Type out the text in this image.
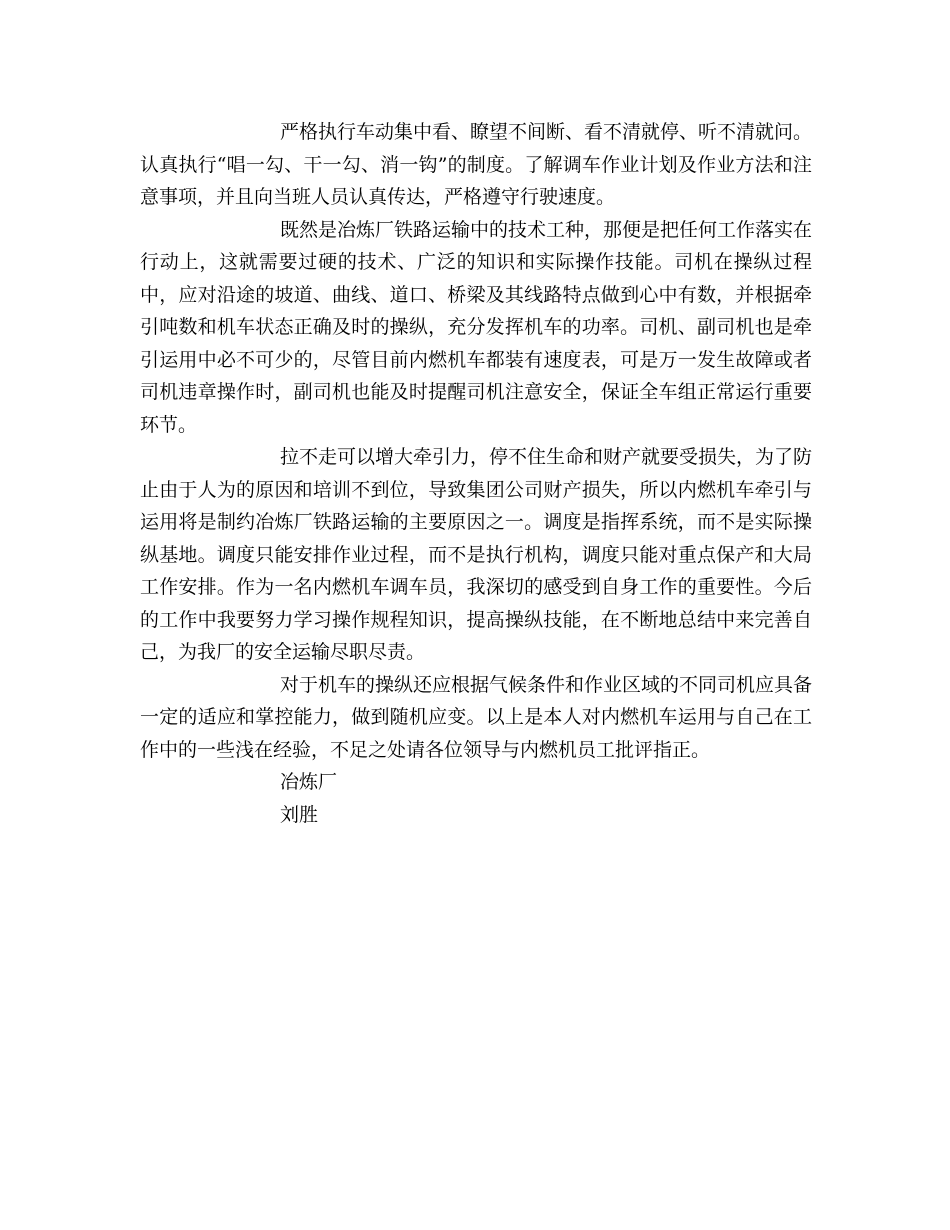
严格执行车动集中看、瞭望不间断、看不清就停、听不清就问。认真执行“唱一勾、干一勾、消一钩”的制度。了解调车作业计划及作业方法和注意事项，并且向当班人员认真传达，严格遵守行驶速度。

既然是冶炼厂铁路运输中的技术工种，那便是把任何工作落实在行动上，这就需要过硬的技术、广泛的知识和实际操作技能。司机在操纵过程中，应对沿途的坡道、曲线、道口、桥梁及其线路特点做到心中有数，并根据牵引吨数和机车状态正确及时的操纵，充分发挥机车的功率。司机、副司机也是牵引运用中必不可少的，尽管目前内燃机车都装有速度表，可是万一发生故障或者司机违章操作时，副司机也能及时提醒司机注意安全，保证全车组正常运行重要环节。

拉不走可以增大牵引力，停不住生命和财产就要受损失，为了防止由于人为的原因和培训不到位，导致集团公司财产损失，所以内燃机车牵引与运用将是制约冶炼厂铁路运输的主要原因之一。调度是指挥系统，而不是实际操纵基地。调度只能安排作业过程，而不是执行机构，调度只能对重点保产和大局工作安排。作为一名内燃机车调车员，我深切的感受到自身工作的重要性。今后的工作中我要努力学习操作规程知识，提高操纵技能，在不断地总结中来完善自己，为我厂的安全运输尽职尽责。

对于机车的操纵还应根据气候条件和作业区域的不同司机应具备一定的适应和掌控能力，做到随机应变。以上是本人对内燃机车运用与自己在工作中的一些浅在经验，不足之处请各位领导与内燃机员工批评指正。

冶炼厂

刘胜
